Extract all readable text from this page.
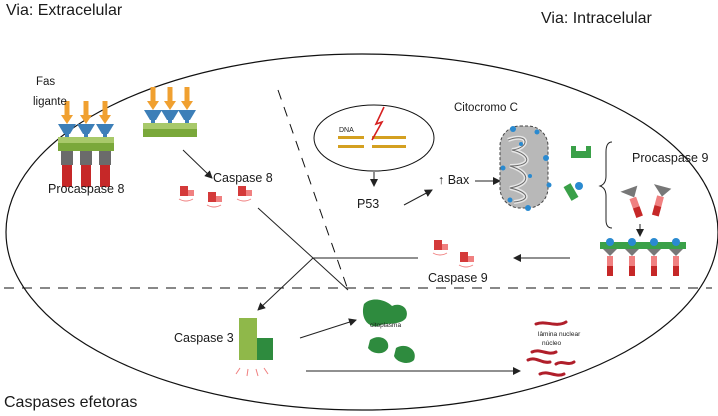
Via: Extracelular	Via: Intracelular
Caspases efetoras
Fas
ligante
Procaspase 8
Caspase 8
DNA
P53
↑ Bax
Citocromo C
Procaspase 9
Caspase 9
Caspase 3
citoplasma
lâmina nuclear
núcleo
